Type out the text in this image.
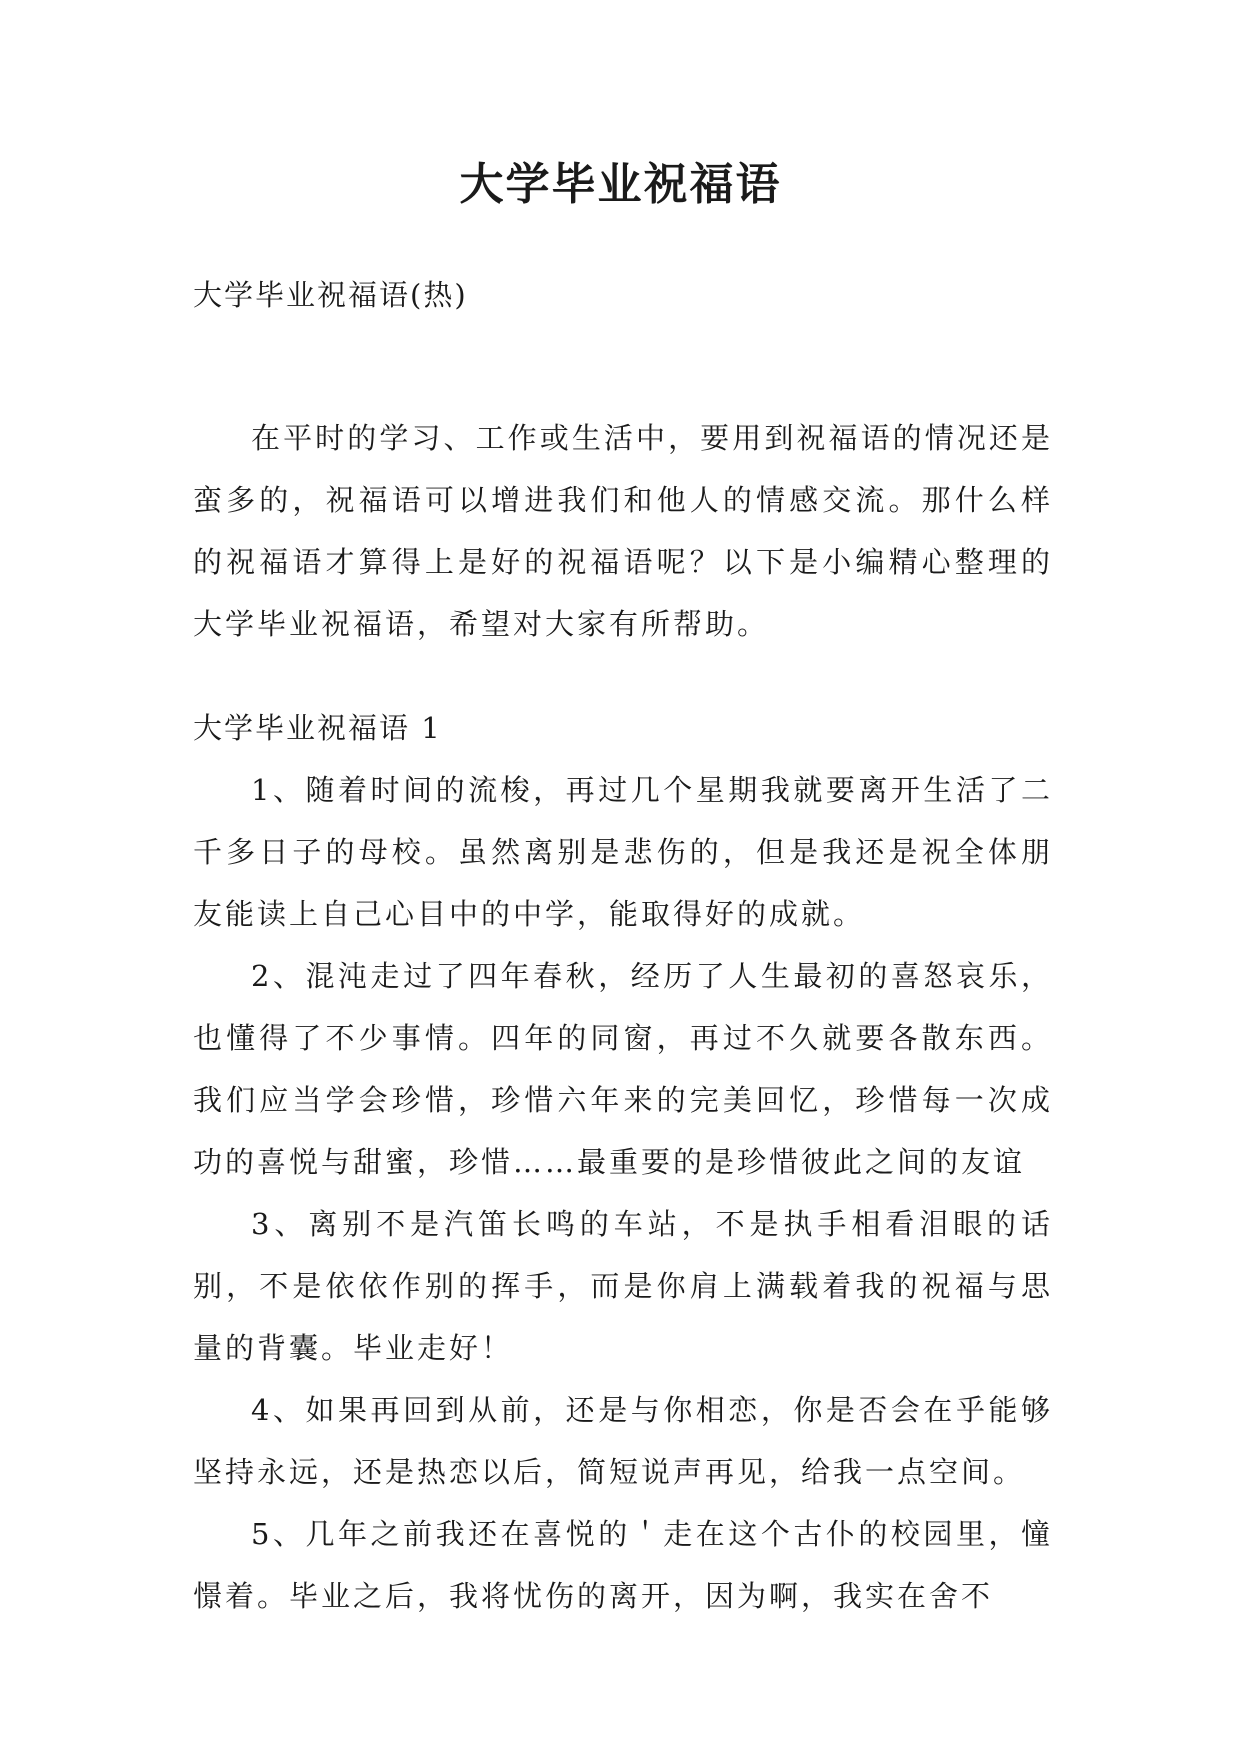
大学毕业祝福语
大学毕业祝福语(热)

在平时的学习、工作或生活中，要用到祝福语的情况还是蛮多的，祝福语可以增进我们和他人的情感交流。那什么样的祝福语才算得上是好的祝福语呢？以下是小编精心整理的大学毕业祝福语，希望对大家有所帮助。

大学毕业祝福语 1

1、随着时间的流梭，再过几个星期我就要离开生活了二千多日子的母校。虽然离别是悲伤的，但是我还是祝全体朋友能读上自己心目中的中学，能取得好的成就。

2、混沌走过了四年春秋，经历了人生最初的喜怒哀乐，也懂得了不少事情。四年的同窗，再过不久就要各散东西。我们应当学会珍惜，珍惜六年来的完美回忆，珍惜每一次成功的喜悦与甜蜜，珍惜……最重要的是珍惜彼此之间的友谊

3、离别不是汽笛长鸣的车站，不是执手相看泪眼的话别，不是依依作别的挥手，而是你肩上满载着我的祝福与思量的背囊。毕业走好！

4、如果再回到从前，还是与你相恋，你是否会在乎能够坚持永远，还是热恋以后，简短说声再见，给我一点空间。

5、几年之前我还在喜悦的＇走在这个古仆的校园里，憧憬着。毕业之后，我将忧伤的离开，因为啊，我实在舍不
